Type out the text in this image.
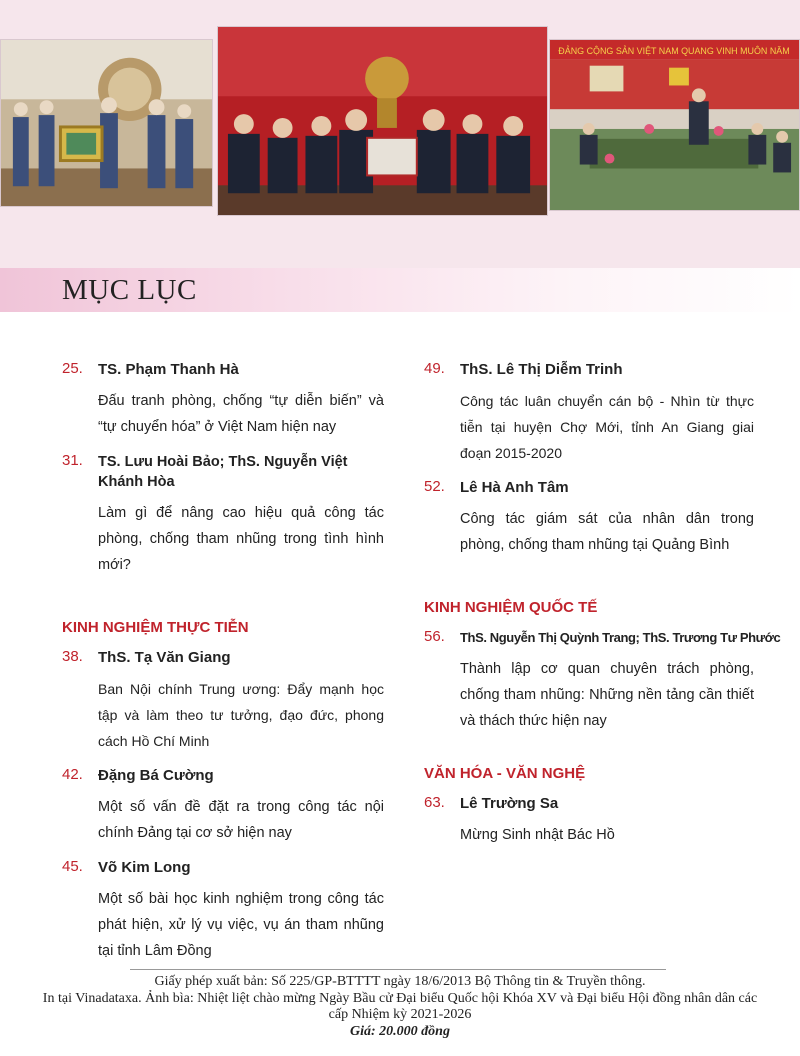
ĐẢNG CỘNG SẢN VIỆT NAM QUANG VINH MUÔN NĂM
MỤC LỤC
25. TS. Phạm Thanh Hà
Đấu tranh phòng, chống “tự diễn biến” và “tự chuyển hóa” ở Việt Nam hiện nay
31. TS. Lưu Hoài Bảo; ThS. Nguyễn Việt Khánh Hòa
Làm gì để nâng cao hiệu quả công tác phòng, chống tham nhũng trong tình hình mới?
KINH NGHIỆM THỰC TIỄN
38. ThS. Tạ Văn Giang
Ban Nội chính Trung ương: Đẩy mạnh học tập và làm theo tư tưởng, đạo đức, phong cách Hồ Chí Minh
42. Đặng Bá Cường
Một số vấn đề đặt ra trong công tác nội chính Đảng tại cơ sở hiện nay
45. Võ Kim Long
Một số bài học kinh nghiệm trong công tác phát hiện, xử lý vụ việc, vụ án tham nhũng tại tỉnh Lâm Đồng
49. ThS. Lê Thị Diễm Trinh
Công tác luân chuyển cán bộ - Nhìn từ thực tiễn tại huyện Chợ Mới, tỉnh An Giang giai đoạn 2015-2020
52. Lê Hà Anh Tâm
Công tác giám sát của nhân dân trong phòng, chống tham nhũng tại Quảng Bình
KINH NGHIỆM QUỐC TẾ
56. ThS. Nguyễn Thị Quỳnh Trang; ThS. Trương Tư Phước
Thành lập cơ quan chuyên trách phòng, chống tham nhũng: Những nền tảng cần thiết và thách thức hiện nay
VĂN HÓA - VĂN NGHỆ
63. Lê Trường Sa
Mừng Sinh nhật Bác Hồ
Giấy phép xuất bản: Số 225/GP-BTTTT ngày 18/6/2013 Bộ Thông tin & Truyền thông.
In tại Vinadataxa. Ảnh bìa: Nhiệt liệt chào mừng Ngày Bầu cử Đại biểu Quốc hội Khóa XV và Đại biểu Hội đồng nhân dân các cấp Nhiệm kỳ 2021-2026
Giá: 20.000 đồng
